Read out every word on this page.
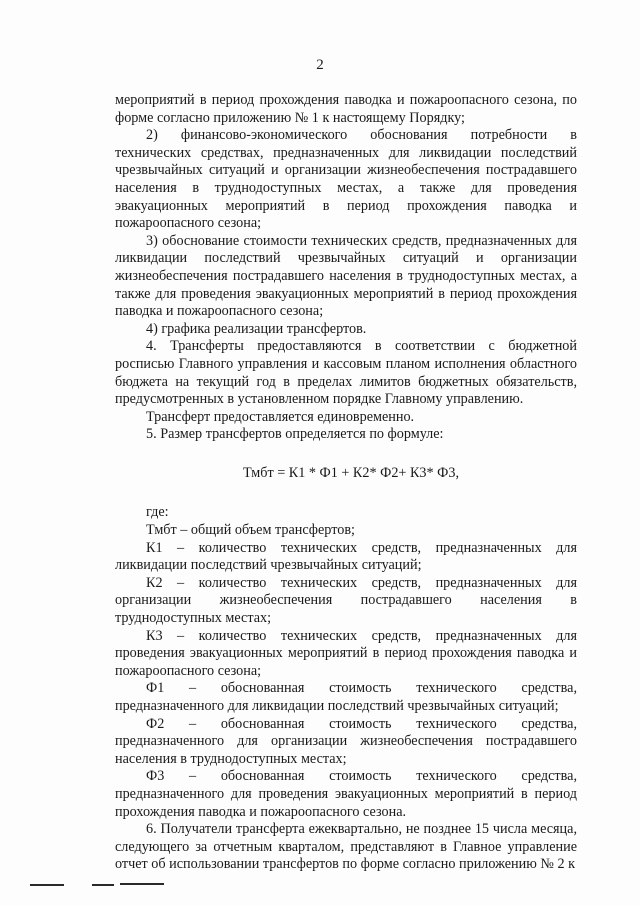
2

мероприятий в период прохождения паводка и пожароопасного сезона, по форме согласно приложению № 1 к настоящему Порядку;

2) финансово-экономического обоснования потребности в технических средствах, предназначенных для ликвидации последствий чрезвычайных ситуаций и организации жизнеобеспечения пострадавшего населения в труднодоступных местах, а также для проведения эвакуационных мероприятий в период прохождения паводка и пожароопасного сезона;

3) обоснование стоимости технических средств, предназначенных для ликвидации последствий чрезвычайных ситуаций и организации жизнеобеспечения пострадавшего населения в труднодоступных местах, а также для проведения эвакуационных мероприятий в период прохождения паводка и пожароопасного сезона;

4) графика реализации трансфертов.

4. Трансферты предоставляются в соответствии с бюджетной росписью Главного управления и кассовым планом исполнения областного бюджета на текущий год в пределах лимитов бюджетных обязательств, предусмотренных в установленном порядке Главному управлению.

Трансферт предоставляется единовременно.

5. Размер трансфертов определяется по формуле:

Тмбт = К1 * Ф1 + К2* Ф2+ К3* Ф3,

где:

Тмбт – общий объем трансфертов;

К1 – количество технических средств, предназначенных для ликвидации последствий чрезвычайных ситуаций;

К2 – количество технических средств, предназначенных для организации жизнеобеспечения пострадавшего населения в труднодоступных местах;

К3 – количество технических средств, предназначенных для проведения эвакуационных мероприятий в период прохождения паводка и пожароопасного сезона;

Ф1 – обоснованная стоимость технического средства, предназначенного для ликвидации последствий чрезвычайных ситуаций;

Ф2 – обоснованная стоимость технического средства, предназначенного для организации жизнеобеспечения пострадавшего населения в труднодоступных местах;

Ф3 – обоснованная стоимость технического средства, предназначенного для проведения эвакуационных мероприятий в период прохождения паводка и пожароопасного сезона.

6. Получатели трансферта ежеквартально, не позднее 15 числа месяца, следующего за отчетным кварталом, представляют в Главное управление отчет об использовании трансфертов по форме согласно приложению № 2 к
